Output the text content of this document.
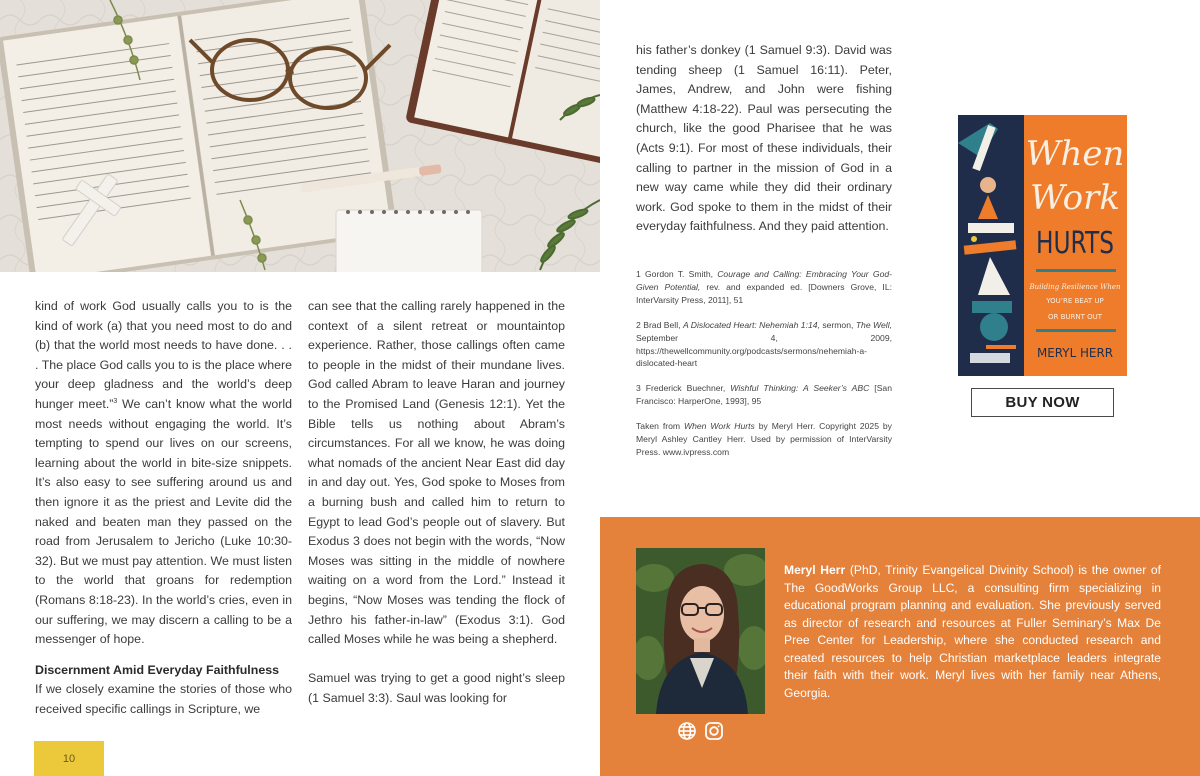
kind of work God usually calls you to is the kind of work (a) that you need most to do and (b) that the world most needs to have done. . . . The place God calls you to is the place where your deep gladness and the world’s deep hunger meet.”$^3$ We can’t know what the world most needs without engaging the world. It’s tempting to spend our lives on our screens, learning about the world in bite-size snippets. It’s also easy to see suffering around us and then ignore it as the priest and Levite did the naked and beaten man they passed on the road from Jerusalem to Jericho (Luke 10:30-32). But we must pay attention. We must listen to the world that groans for redemption (Romans 8:18-23). In the world’s cries, even in our suffering, we may discern a calling to be a messenger of hope.

Discernment Amid Everyday Faithfulness

If we closely examine the stories of those who received specific callings in Scripture, we

can see that the calling rarely happened in the context of a silent retreat or mountaintop experience. Rather, those callings often came to people in the midst of their mundane lives. God called Abram to leave Haran and journey to the Promised Land (Genesis 12:1). Yet the Bible tells us nothing about Abram’s circumstances. For all we know, he was doing what nomads of the ancient Near East did day in and day out. Yes, God spoke to Moses from a burning bush and called him to return to Egypt to lead God’s people out of slavery. But Exodus 3 does not begin with the words, “Now Moses was sitting in the middle of nowhere waiting on a word from the Lord.” Instead it begins, “Now Moses was tending the flock of Jethro his father-in-law” (Exodus 3:1). God called Moses while he was being a shepherd.

Samuel was trying to get a good night’s sleep (1 Samuel 3:3). Saul was looking for

10

his father’s donkey (1 Samuel 9:3). David was tending sheep (1 Samuel 16:11). Peter, James, Andrew, and John were fishing (Matthew 4:18-22). Paul was persecuting the church, like the good Pharisee that he was (Acts 9:1). For most of these individuals, their calling to partner in the mission of God in a new way came while they did their ordinary work. God spoke to them in the midst of their everyday faithfulness. And they paid attention.

1 Gordon T. Smith, Courage and Calling: Embracing Your God-Given Potential, rev. and expanded ed. [Downers Grove, IL: InterVarsity Press, 2011], 51

2 Brad Bell, A Dislocated Heart: Nehemiah 1:14, sermon, The Well, September 4, 2009, https://thewellcommunity.org/podcasts/sermons/nehemiah-a-dislocated-heart

3 Frederick Buechner, Wishful Thinking: A Seeker’s ABC [San Francisco: HarperOne, 1993], 95

Taken from When Work Hurts by Meryl Herr. Copyright 2025 by Meryl Ashley Cantley Herr. Used by permission of InterVarsity Press. www.ivpress.com

When
Work
HURTS
Building Resilience When
YOU’RE BEAT UP
OR BURNT OUT
MERYL HERR
BUY NOW
Meryl Herr (PhD, Trinity Evangelical Divinity School) is the owner of The GoodWorks Group LLC, a consulting firm specializing in educational program planning and evaluation. She previously served as director of research and resources at Fuller Seminary’s Max De Pree Center for Leadership, where she conducted research and created resources to help Christian marketplace leaders integrate their faith with their work. Meryl lives with her family near Athens, Georgia.
